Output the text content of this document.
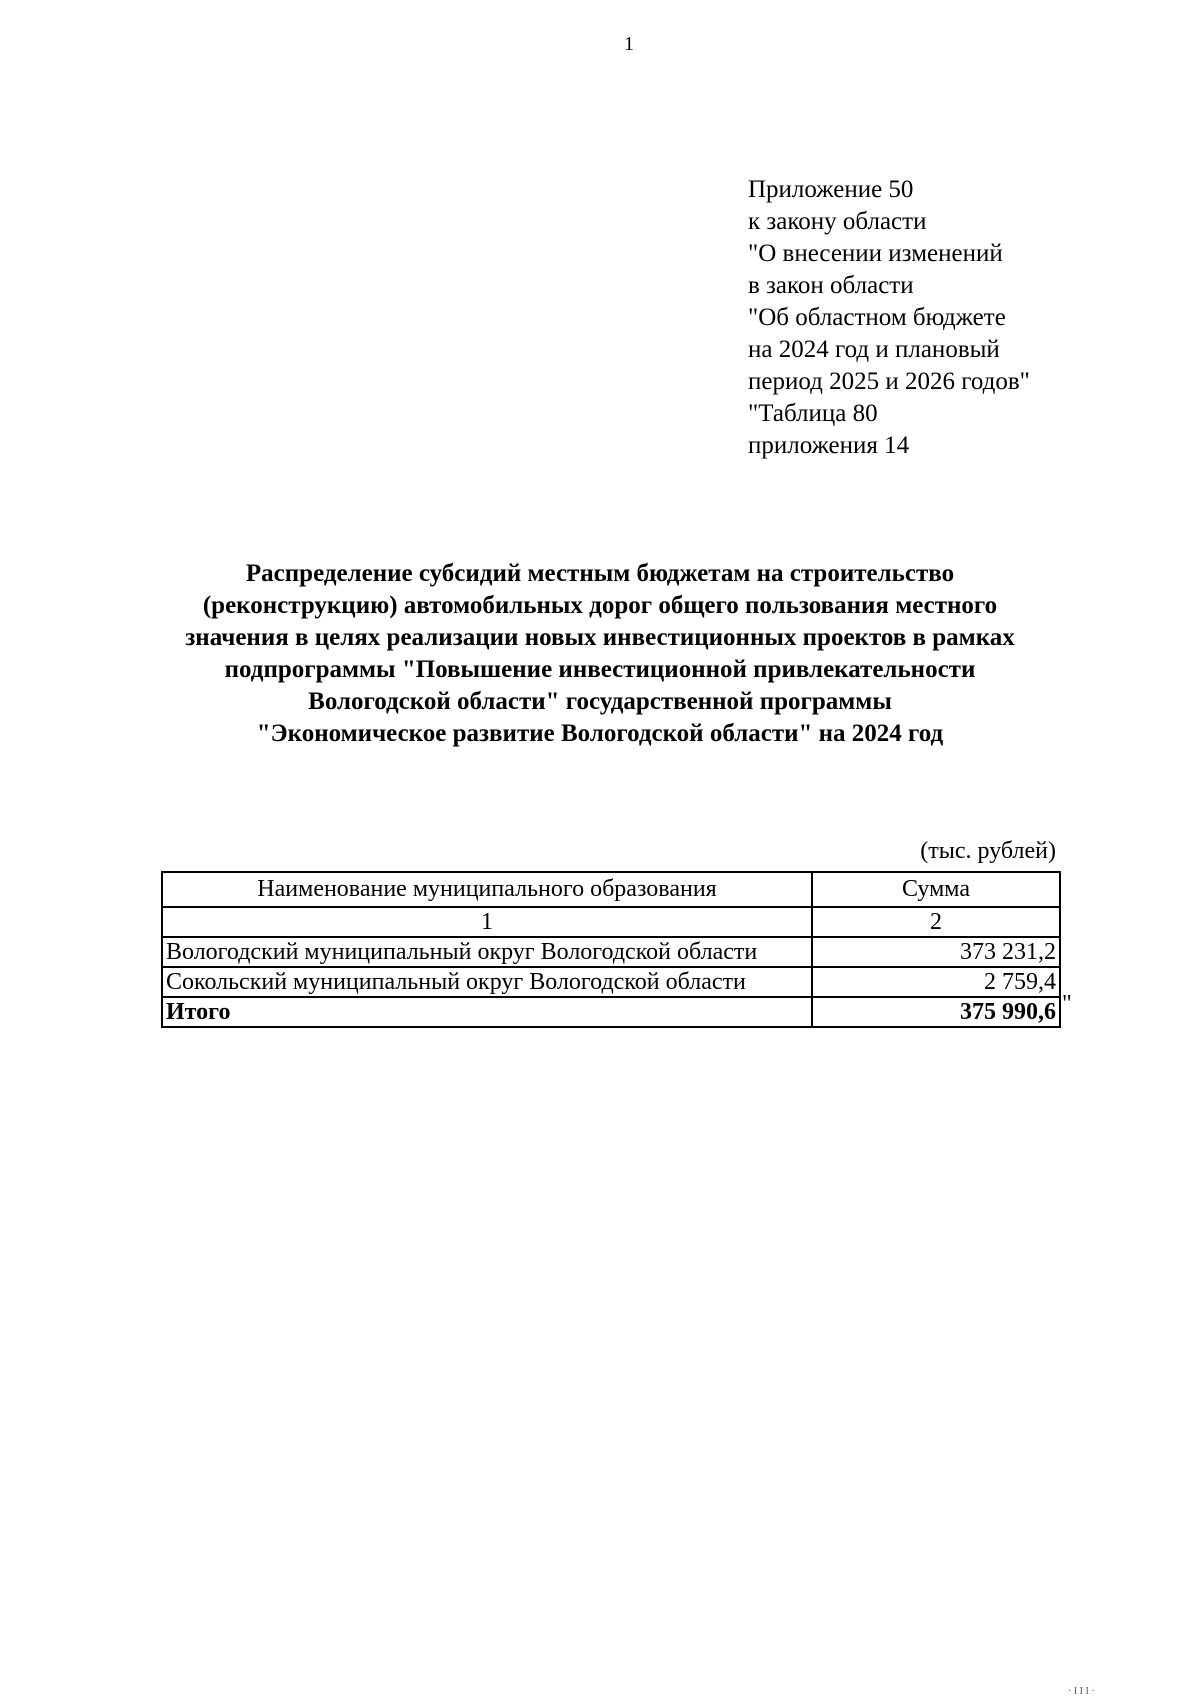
1
Приложение 50
к закону области
"О внесении изменений
в закон области
"Об областном бюджете
на 2024 год и плановый
период 2025 и 2026 годов"
"Таблица 80
приложения 14
Распределение субсидий местным бюджетам на строительство
(реконструкцию) автомобильных дорог общего пользования местного
значения в целях реализации новых инвестиционных проектов в рамках
подпрограммы "Повышение инвестиционной привлекательности
Вологодской области" государственной программы
"Экономическое развитие Вологодской области" на 2024 год
(тыс. рублей)
Наименование муниципального образования	Сумма
1	2
Вологодский муниципальный округ Вологодской области	373 231,2
Сокольский муниципальный округ Вологодской области	2 759,4
Итого	375 990,6 "
· I I I ·
